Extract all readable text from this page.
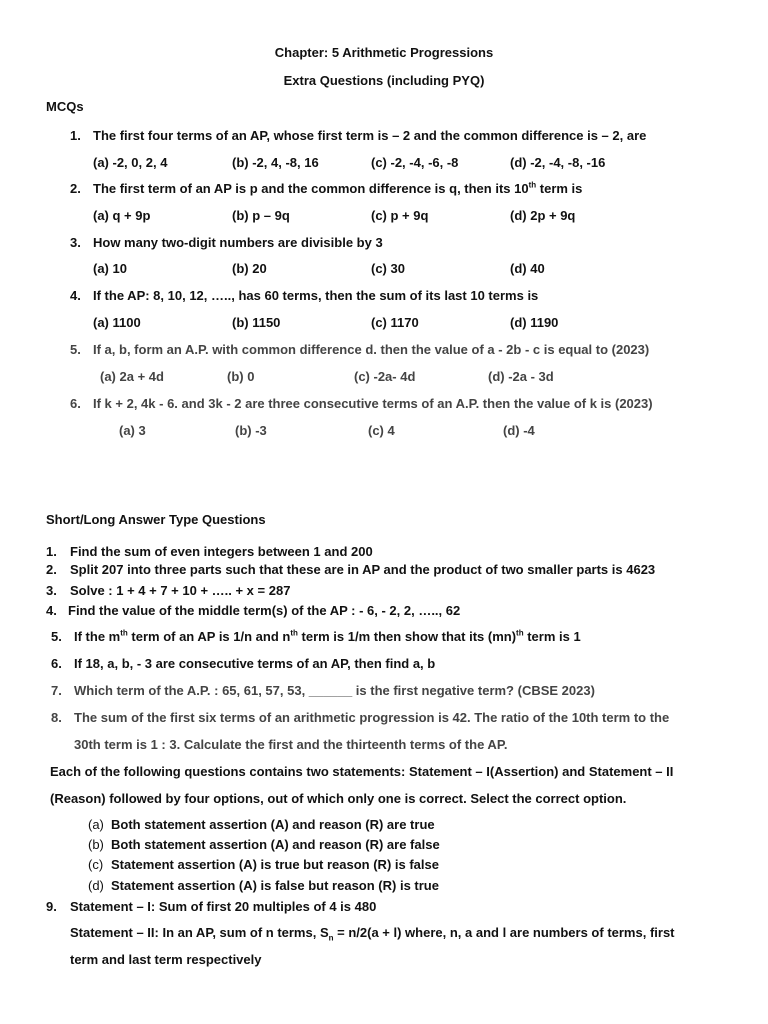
Chapter: 5 Arithmetic Progressions
Extra Questions (including PYQ)
MCQs
1. The first four terms of an AP, whose first term is – 2 and the common difference is – 2, are
(a) -2, 0, 2, 4	(b) -2, 4, -8, 16	(c) -2, -4, -6, -8	(d) -2, -4, -8, -16
2. The first term of an AP is p and the common difference is q, then its 10th term is
(a) q + 9p	(b) p – 9q	(c) p + 9q	(d) 2p + 9q
3. How many two-digit numbers are divisible by 3
(a) 10	(b) 20	(c) 30	(d) 40
4. If the AP: 8, 10, 12, ….., has 60 terms, then the sum of its last 10 terms is
(a) 1100	(b) 1150	(c) 1170	(d) 1190
5. If a, b, form an A.P. with common difference d. then the value of a - 2b - c is equal to (2023)
(a) 2a + 4d	(b) 0	(c) -2a- 4d	(d) -2a - 3d
6. If k + 2, 4k - 6. and 3k - 2 are three consecutive terms of an A.P. then the value of k is (2023)
(a) 3	(b) -3	(c) 4	(d) -4
Short/Long Answer Type Questions
1. Find the sum of even integers between 1 and 200
2. Split 207 into three parts such that these are in AP and the product of two smaller parts is 4623
3. Solve : 1 + 4 + 7 + 10 + ….. + x = 287
4. Find the value of the middle term(s) of the AP : - 6, - 2, 2, ….., 62
5. If the $m^{th}$ term of an AP is 1/n and $n^{th}$ term is 1/m then show that its (mn)$^{th}$ term is 1
6. If 18, a, b, - 3 are consecutive terms of an AP, then find a, b
7. Which term of the A.P. : 65, 61, 57, 53, ______ is the first negative term? (CBSE 2023)
8. The sum of the first six terms of an arithmetic progression is 42. The ratio of the 10th term to the
30th term is 1 : 3. Calculate the first and the thirteenth terms of the AP.
Each of the following questions contains two statements: Statement – I(Assertion) and Statement – II
(Reason) followed by four options, out of which only one is correct. Select the correct option.
(a) Both statement assertion (A) and reason (R) are true
(b) Both statement assertion (A) and reason (R) are false
(c) Statement assertion (A) is true but reason (R) is false
(d) Statement assertion (A) is false but reason (R) is true
9. Statement – I: Sum of first 20 multiples of 4 is 480
Statement – II: In an AP, sum of n terms, $S_n = n/2(a + l)$ where, n, a and l are numbers of terms, first
term and last term respectively
